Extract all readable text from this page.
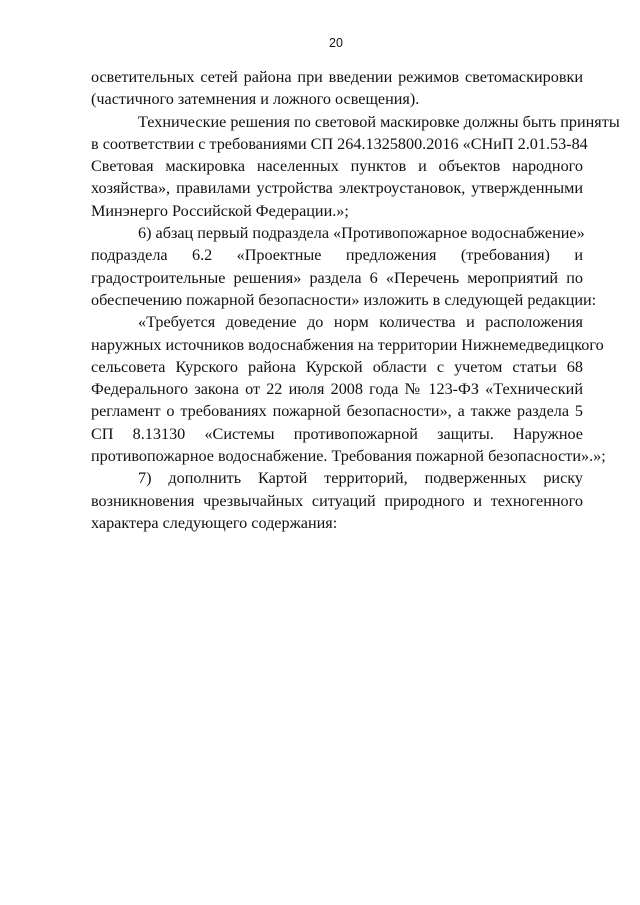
20
осветительных сетей района при введении режимов светомаскировки
(частичного затемнения и ложного освещения).
Технические решения по световой маскировке должны быть приняты
в соответствии с требованиями СП 264.1325800.2016 «СНиП 2.01.53-84
Световая маскировка населенных пунктов и объектов народного
хозяйства», правилами устройства электроустановок, утвержденными
Минэнерго Российской Федерации.»;
6) абзац первый подраздела «Противопожарное водоснабжение»
подраздела 6.2 «Проектные предложения (требования) и
градостроительные решения» раздела 6 «Перечень мероприятий по
обеспечению пожарной безопасности» изложить в следующей редакции:
«Требуется доведение до норм количества и расположения
наружных источников водоснабжения на территории Нижнемедведицкого
сельсовета Курского района Курской области с учетом статьи 68
Федерального закона от 22 июля 2008 года № 123-ФЗ «Технический
регламент о требованиях пожарной безопасности», а также раздела 5
СП 8.13130 «Системы противопожарной защиты. Наружное
противопожарное водоснабжение. Требования пожарной безопасности».»;
7) дополнить Картой территорий, подверженных риску
возникновения чрезвычайных ситуаций природного и техногенного
характера следующего содержания:
